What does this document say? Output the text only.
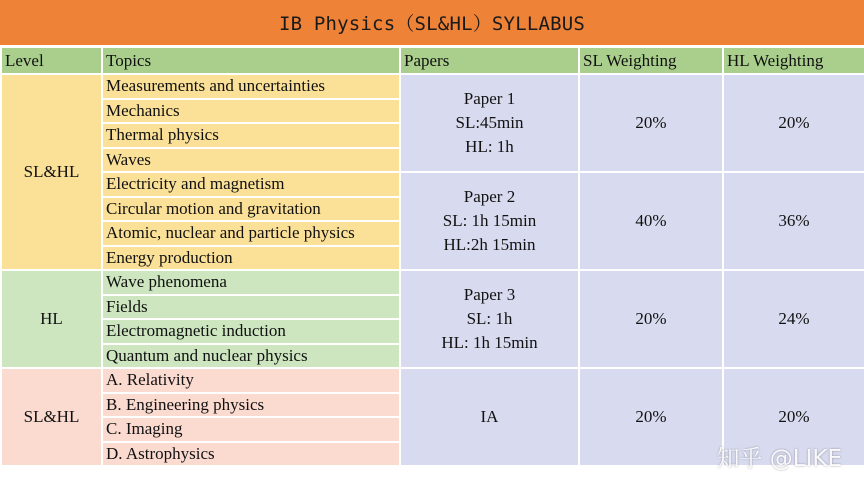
IB Physics（SL&HL）SYLLABUS
Level	Topics	Papers	SL Weighting	HL Weighting
SL&HL	Measurements and uncertainties	Paper 1
SL:45min
HL: 1h	20%	20%
	Mechanics			
	Thermal physics			
	Waves			
	Electricity and magnetism	Paper 2
SL: 1h 15min
HL:2h 15min	40%	36%
	Circular motion and gravitation			
	Atomic, nuclear and particle physics			
	Energy production			
HL	Wave phenomena	Paper 3
SL: 1h
HL: 1h 15min	20%	24%
	Fields			
	Electromagnetic induction			
	Quantum and nuclear physics			
SL&HL	A. Relativity	IA	20%	20%
	B. Engineering physics			
	C. Imaging			
	D. Astrophysics				知乎 @LIKE
